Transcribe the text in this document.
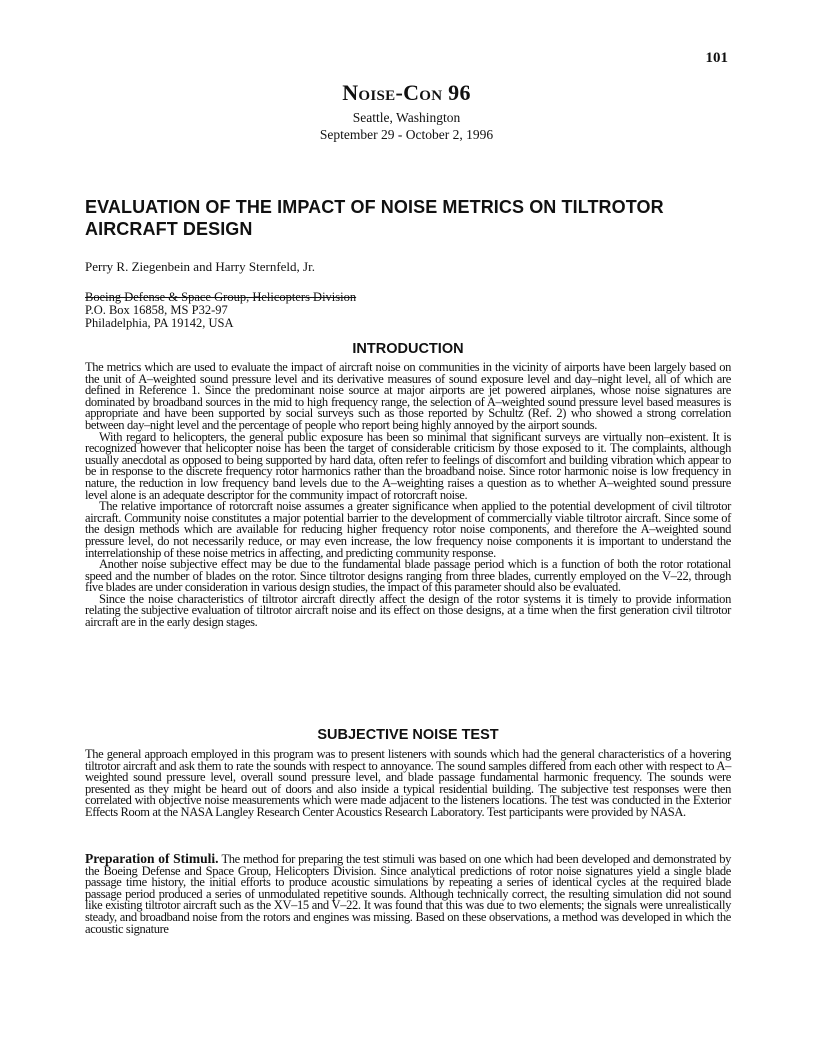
101
Noise-Con 96
Seattle, Washington
September 29 - October 2, 1996
EVALUATION OF THE IMPACT OF NOISE METRICS ON TILTROTOR AIRCRAFT DESIGN
Perry R. Ziegenbein and Harry Sternfeld, Jr.
Boeing Defense & Space Group, Helicopters Division
P.O. Box 16858, MS P32-97
Philadelphia, PA 19142, USA
INTRODUCTION

The metrics which are used to evaluate the impact of aircraft noise on communities in the vicinity of airports have been largely based on the unit of A–weighted sound pressure level and its derivative measures of sound exposure level and day–night level, all of which are defined in Reference 1. Since the predominant noise source at major airports are jet powered airplanes, whose noise signatures are dominated by broadband sources in the mid to high frequency range, the selection of A–weighted sound pressure level based measures is appropriate and have been supported by social surveys such as those reported by Schultz (Ref. 2) who showed a strong correlation between day–night level and the percentage of people who report being highly annoyed by the airport sounds.

With regard to helicopters, the general public exposure has been so minimal that significant surveys are virtually non–existent. It is recognized however that helicopter noise has been the target of considerable criticism by those exposed to it. The complaints, although usually anecdotal as opposed to being supported by hard data, often refer to feelings of discomfort and building vibration which appear to be in response to the discrete frequency rotor harmonics rather than the broadband noise. Since rotor harmonic noise is low frequency in nature, the reduction in low frequency band levels due to the A–weighting raises a question as to whether A–weighted sound pressure level alone is an adequate descriptor for the community impact of rotorcraft noise.

The relative importance of rotorcraft noise assumes a greater significance when applied to the potential development of civil tiltrotor aircraft. Community noise constitutes a major potential barrier to the development of commercially viable tiltrotor aircraft. Since some of the design methods which are available for reducing higher frequency rotor noise components, and therefore the A–weighted sound pressure level, do not necessarily reduce, or may even increase, the low frequency noise components it is important to understand the interrelationship of these noise metrics in affecting, and predicting community response.

Another noise subjective effect may be due to the fundamental blade passage period which is a function of both the rotor rotational speed and the number of blades on the rotor. Since tiltrotor designs ranging from three blades, currently employed on the V–22, through five blades are under consideration in various design studies, the impact of this parameter should also be evaluated.

Since the noise characteristics of tiltrotor aircraft directly affect the design of the rotor systems it is timely to provide information relating the subjective evaluation of tiltrotor aircraft noise and its effect on those designs, at a time when the first generation civil tiltrotor aircraft are in the early design stages.

SUBJECTIVE NOISE TEST

The general approach employed in this program was to present listeners with sounds which had the general characteristics of a hovering tiltrotor aircraft and ask them to rate the sounds with respect to annoyance. The sound samples differed from each other with respect to A–weighted sound pressure level, overall sound pressure level, and blade passage fundamental harmonic frequency. The sounds were presented as they might be heard out of doors and also inside a typical residential building. The subjective test responses were then correlated with objective noise measurements which were made adjacent to the listeners locations. The test was conducted in the Exterior Effects Room at the NASA Langley Research Center Acoustics Research Laboratory. Test participants were provided by NASA.

Preparation of Stimuli. The method for preparing the test stimuli was based on one which had been developed and demonstrated by the Boeing Defense and Space Group, Helicopters Division. Since analytical predictions of rotor noise signatures yield a single blade passage time history, the initial efforts to produce acoustic simulations by repeating a series of identical cycles at the required blade passage period produced a series of unmodulated repetitive sounds. Although technically correct, the resulting simulation did not sound like existing tiltrotor aircraft such as the XV–15 and V–22. It was found that this was due to two elements; the signals were unrealistically steady, and broadband noise from the rotors and engines was missing. Based on these observations, a method was developed in which the acoustic signature
